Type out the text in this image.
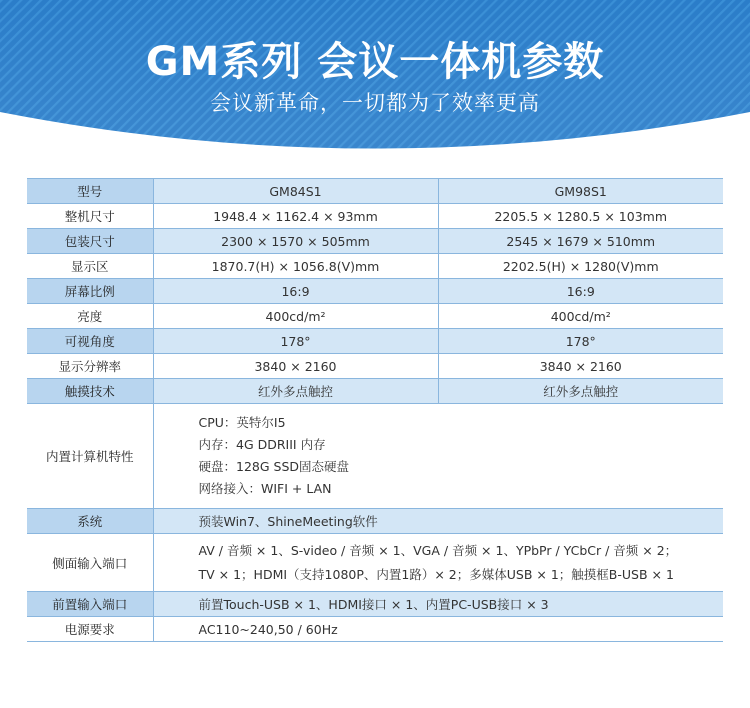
GM系列 会议一体机参数
会议新革命，一切都为了效率更高
型号	GM84S1	GM98S1
整机尺寸	1948.4 × 1162.4 × 93mm	2205.5 × 1280.5 × 103mm
包装尺寸	2300 × 1570 × 505mm	2545 × 1679 × 510mm
显示区	1870.7(H) × 1056.8(V)mm	2202.5(H) × 1280(V)mm
屏幕比例	16:9	16:9
亮度	400cd/m²	400cd/m²
可视角度	178°	178°
显示分辨率	3840 × 2160	3840 × 2160
触摸技术	红外多点触控	红外多点触控
内置计算机特性	CPU：英特尔I5
内存：4G DDRIII 内存
硬盘：128G SSD固态硬盘
网络接入：WIFI + LAN	

系统	预装Win7、ShineMeeting软件	
侧面输入端口	AV / 音频 × 1、S-video / 音频 × 1、VGA / 音频 × 1、YPbPr / YCbCr / 音频 × 2；
TV × 1；HDMI（支持1080P、内置1路）× 2；多媒体USB × 1；触摸框B-USB × 1	

前置输入端口	前置Touch-USB × 1、HDMI接口 × 1、内置PC-USB接口 × 3	
电源要求	AC110~240,50 / 60Hz	
